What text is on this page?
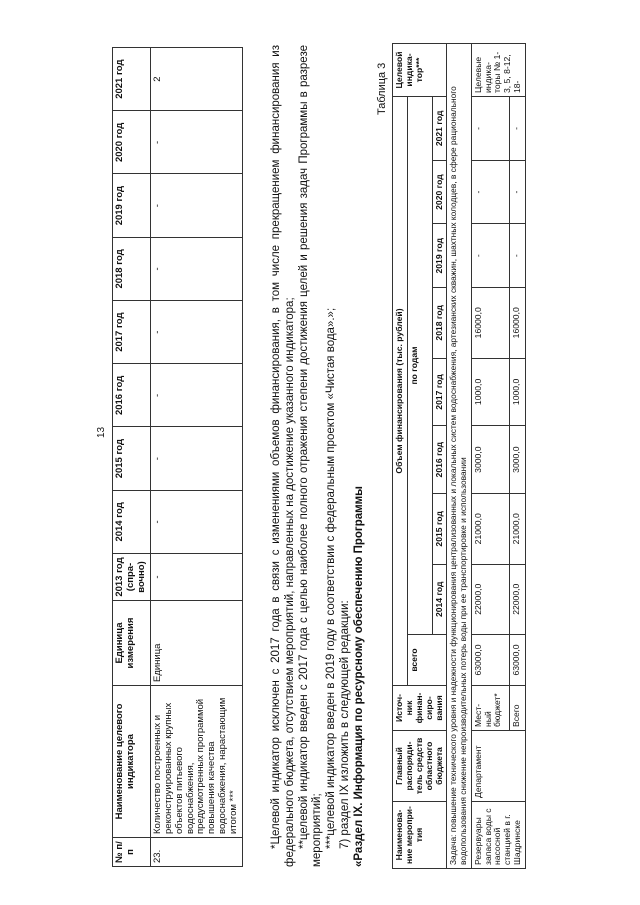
13
№ п/п	Наименование целевого индикатора	Единица измерения	2013 год (спра-вочно)	2014 год	2015 год	2016 год	2017 год	2018 год	2019 год	2020 год	2021 год
23.	Количество построенных и реконструированных крупных объектов питьевого водоснабжения, предусмотренных программой повышения качества водоснабжения, нарастающим итогом ***	Единица	-	-	-	-	-	-	-	-	2	*Целевой индикатор исключен с 2017 года в связи с изменениями объемов финансирования, в том числе прекращением финансирования из федерального бюджета, отсутствием мероприятий, направленных на достижение указанного индикатора; **целевой индикатор введен с 2017 года с целью наиболее полного отражения степени достижения целей и решения задач Программы в разрезе мероприятий; ***целевой индикатор введен в 2019 году в соответствии с федеральным проектом «Чистая вода».»; 7) раздел IX изложить в следующей редакции: «Раздел IX. Информация по ресурсному обеспечению Программы

Таблица 3
Наименова-ние меропри-тия	Главный распоряди-тель средств областного бюджета	Источ-ник финан-сиро-вания	Объем финансирования (тыс. рублей)									Целевой индика-тор***
			всего	по годам								
				2014 год	2015 год	2016 год	2017 год	2018 год	2019 год	2020 год	2021 год	
Задача: повышение технического уровня и надежности функционирования централизованных и локальных систем водоснабжения, артезианских скважин, шахтных колодцев, в сфере рационального водопользования снижение непроизводительных потерь воды при ее транспортировке и использовании												
Резервуары запаса воды с насосной станцией в г. Шадринске	Департамент	Мест-ный бюджет*	63000,0	22000,0	21000,0	3000,0	1000,0	16000,0	-	-	-	Целевые индика-торы № 1-3, 5, 8-12, 18-
		Всего	63000,0	22000,0	21000,0	3000,0	1000,0	16000,0	-	-	-	
